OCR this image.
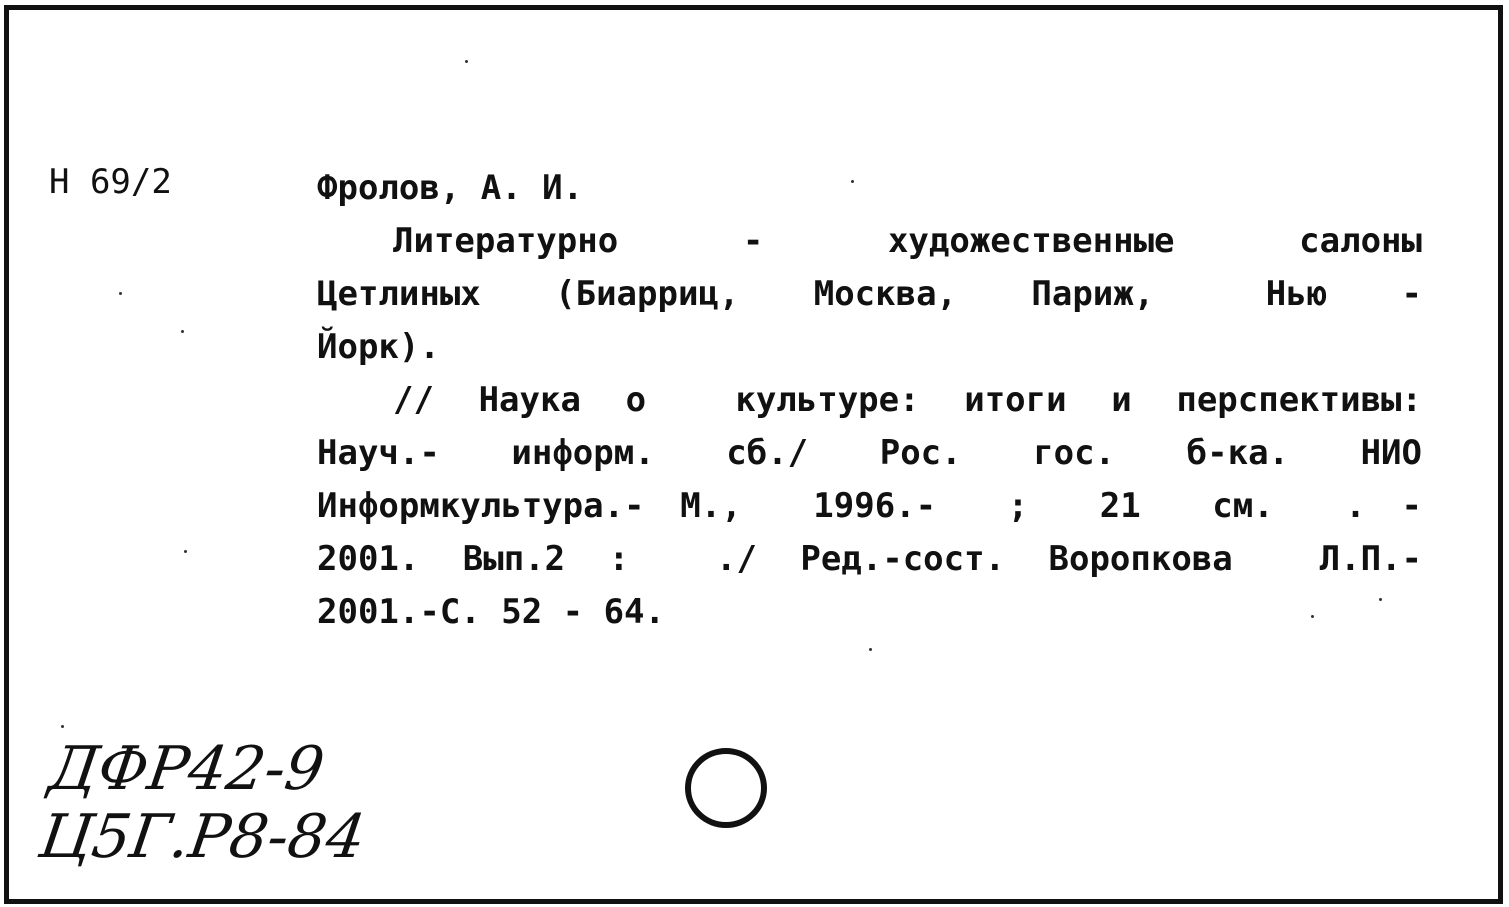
Н 69/2	Фролов, А. И.
Литературно   -   художественные   салоны
Цетлиных  (Биарриц,  Москва,  Париж,   Нью  -
Йорк).
// Наука о  культуре: итоги и перспективы:
Науч.-  информ.  сб./  Рос.  гос.  б-ка.  НИО
Информкультура.- М.,  1996.-  ;  21  см.  . -
2001. Вып.2 :  ./ Ред.-сост. Воропкова  Л.П.-
2001.-С. 52 - 64.
ДФР42-9
Ц5Г.Р8-84
